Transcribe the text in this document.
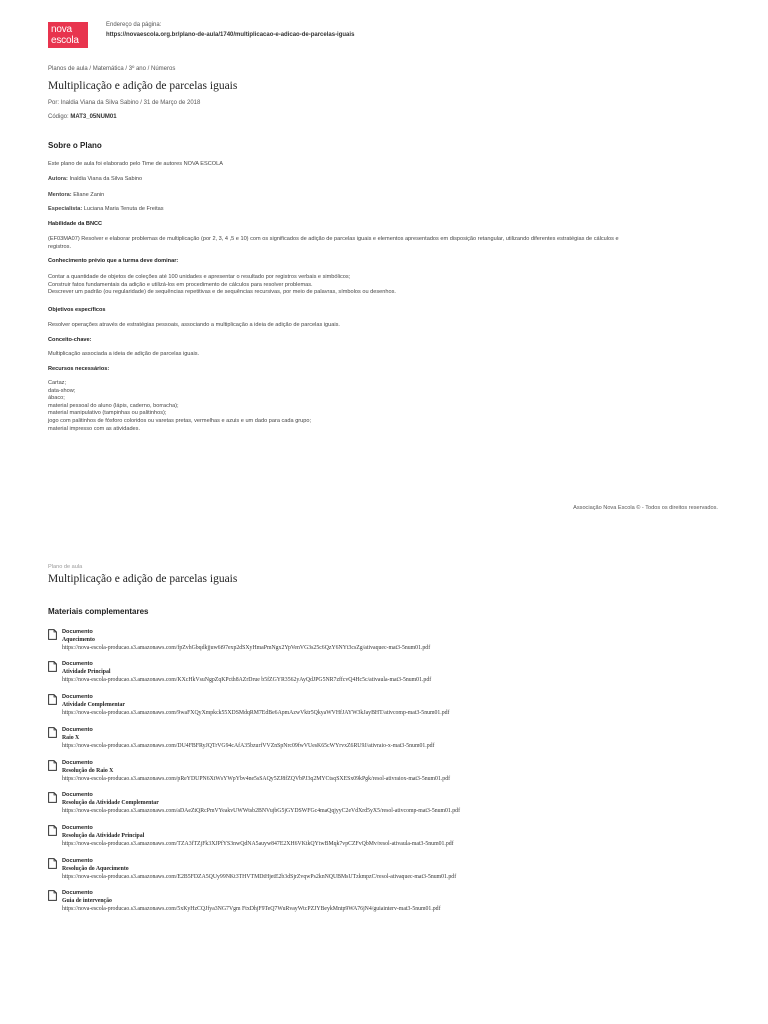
nova
escola
Endereço da página:
https://novaescola.org.br/plano-de-aula/1740/multiplicacao-e-adicao-de-parcelas-iguais
Planos de aula / Matemática / 3º ano / Números
Multiplicação e adição de parcelas iguais
Por: Inaldia Viana da Silva Sabino / 31 de Março de 2018
Código: MAT3_05NUM01
Sobre o Plano
Este plano de aula foi elaborado pelo Time de autores NOVA ESCOLA
Autora: Inaldia Viana da Silva Sabino
Mentora: Eliane Zanin
Especialista: Luciana Maria Tenuta de Freitas
Habilidade da BNCC
(EF03MA07) Resolver e elaborar problemas de multiplicação (por 2, 3, 4 ,5 e 10) com os significados de adição de parcelas iguais e elementos apresentados em disposição retangular, utilizando diferentes estratégias de cálculos e
registros.
Conhecimento prévio que a turma deve dominar:
Contar a quantidade de objetos de coleções até 100 unidades e apresentar o resultado por registros verbais e simbólicos;
Construir fatos fundamentais da adição e utilizá-los em procedimento de cálculos para resolver problemas.
Descrever um padrão (ou regularidade) de sequências repetitivas e de sequências recursivas, por meio de palavras, símbolos ou desenhos.
Objetivos específicos
Resolver operações através de estratégias pessoais, associando a multiplicação a ideia de adição de parcelas iguais.
Conceito-chave:
Multiplicação associada a ideia de adição de parcelas iguais.
Recursos necessários:
Cartaz;
data-show;
ábaco;
material pessoal do aluno (lápis, caderno, borracha);
material manipulativo (tampinhas ou palitinhos);
jogo com palitinhos de fósforo coloridos ou varetas pretas, vermelhas e azuis e um dado para cada grupo;
material impresso com as atividades.
Associação Nova Escola © - Todos os direitos reservados.
Plano de aula
Multiplicação e adição de parcelas iguais
Materiais complementares
Documento
Aquecimento
https://nova-escola-producao.s3.amazonaws.com/fpZvhGbqdkjjuw6t97exp2dSXyHmaPmNgx2YpVenVG3s25c6QzY6NYt3csZg/ativaquec-mat3-5num01.pdf
Documento
Atividade Principal
https://nova-escola-producao.s3.amazonaws.com/KXcHkVsuNgpZqKPcth8AZrDrue b5fZGYR3562yAyQdJPG5NR7zffcvQ4Hc5c/ativaula-mat3-5num01.pdf
Documento
Atividade Complementar
https://nova-escola-producao.s3.amazonaws.com/9waFXQyXmpkck55XDSMdqRM7EdBe6ApmAzwVktr5QkyaWVHfJAYW3kJayBHT/ativcomp-mat3-5num01.pdf
Documento
Raio X
https://nova-escola-producao.s3.amazonaws.com/DU4FBFRyJQTrVG94cAfA35bzurfVVZnSpNrc09fwVUesK65cWYrvxZ6RU9J/ativraio-x-mat3-5num01.pdf
Documento
Resolução do Raio X
https://nova-escola-producao.s3.amazonaws.com/pReYDUPN6XtWsYWpYbv4ne5sSAQy5ZJ8fZQVbPJ3q2MYCtsqSXESx09kPgk/resol-ativraiox-mat3-5num01.pdf
Documento
Resolução da Atividade Complementar
https://nova-escola-producao.s3.amazonaws.com/aDAeZtQRcPmVYeakvUWWtsb2BNVujbG5jGYDSWFGc4maQqjyyC2eVdXrd5yX5/resol-ativcomp-mat3-5num01.pdf
Documento
Resolução da Atividade Principal
https://nova-escola-producao.s3.amazonaws.com/TZA3fTZjFk3XJPfYS3nwQdNA5auyw847E2XH6VKtkQYtwBMqk7vpCZFvQbMv/resol-ativaula-mat3-5num01.pdf
Documento
Resolução do Aquecimento
https://nova-escola-producao.s3.amazonaws.com/E2B5FDZA5QUy99NKt3THVTMDtHjetE2b3dSjrZvqwPs2knNQUBMsUTzkmpzC/resol-ativaquec-mat3-5num01.pdf
Documento
Guia de intervenção
https://nova-escola-producao.s3.amazonaws.com/5xKyHzCQJfya3NG7Vgm FtxDhjF9TeQ7WuRvayWtcPZJYBeykMntp9WA76jN4/guiainterv-mat3-5num01.pdf
